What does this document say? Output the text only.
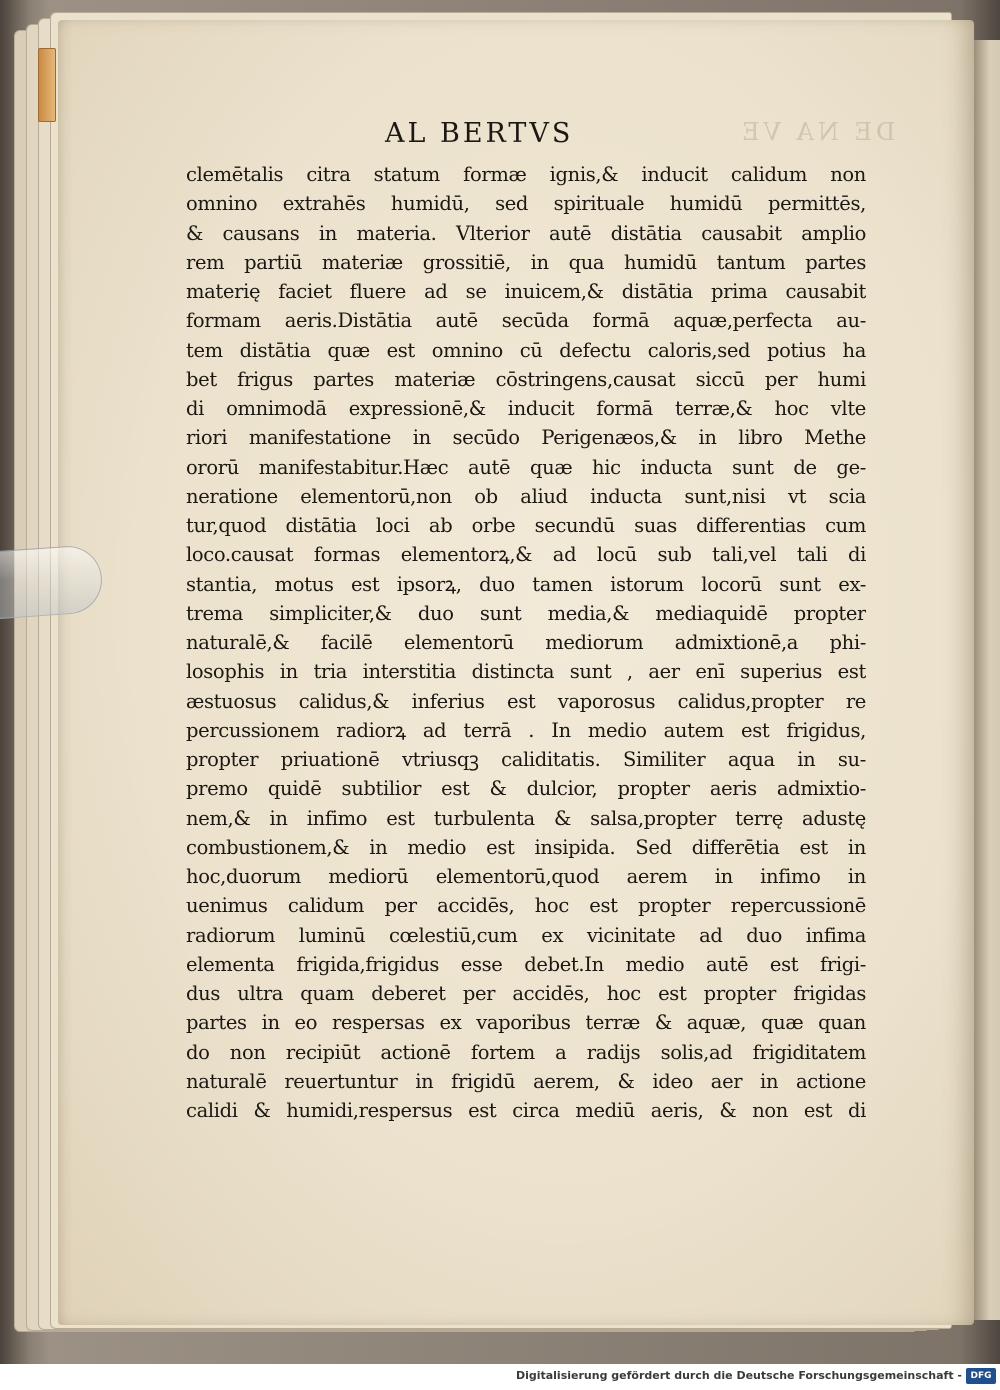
DE NA VE
AL BERTVS
clemētalis citra statum formæ ignis,& inducit calidum non
omnino extrahēs humidū, sed spirituale humidū permittēs,
& causans in materia. Vlterior autē distātia causabit amplio
rem partiū materiæ grossitiē, in qua humidū tantum partes
materię faciet fluere ad se inuicem,& distātia prima causabit
formam aeris.Distātia autē secūda formā aquæ,perfecta au-
tem distātia quæ est omnino cū defectu caloris,sed potius ha
bet frigus partes materiæ cōstringens,causat siccū per humi
di omnimodā expressionē,& inducit formā terræ,& hoc vlte
riori manifestatione in secūdo Perigenæos,& in libro Methe
ororū manifestabitur.Hæc autē quæ hic inducta sunt de ge-
neratione elementorū,non ob aliud inducta sunt,nisi vt scia
tur,quod distātia loci ab orbe secundū suas differentias cum
loco.causat formas elementorꝝ,& ad locū sub tali,vel tali di
stantia, motus est ipsorꝝ, duo tamen istorum locorū sunt ex-
trema simpliciter,& duo sunt media,& mediaquidē propter
naturalē,& facilē elementorū mediorum admixtionē,a phi-
losophis in tria interstitia distincta sunt , aer enī superius est
æstuosus calidus,& inferius est vaporosus calidus,propter re
percussionem radiorꝝ ad terrā . In medio autem est frigidus,
propter priuationē vtriusqꝫ caliditatis. Similiter aqua in su-
premo quidē subtilior est & dulcior, propter aeris admixtio-
nem,& in infimo est turbulenta & salsa,propter terrę adustę
combustionem,& in medio est insipida. Sed differētia est in
hoc,duorum mediorū elementorū,quod aerem in infimo in
uenimus calidum per accidēs, hoc est propter repercussionē
radiorum luminū cœlestiū,cum ex vicinitate ad duo infima
elementa frigida,frigidus esse debet.In medio autē est frigi-
dus ultra quam deberet per accidēs, hoc est propter frigidas
partes in eo respersas ex vaporibus terræ & aquæ, quæ quan
do non recipiūt actionē fortem a radijs solis,ad frigiditatem
naturalē reuertuntur in frigidū aerem, & ideo aer in actione
calidi & humidi,respersus est circa mediū aeris, & non est di
Digitalisierung gefördert durch die Deutsche Forschungsgemeinschaft - DFG
